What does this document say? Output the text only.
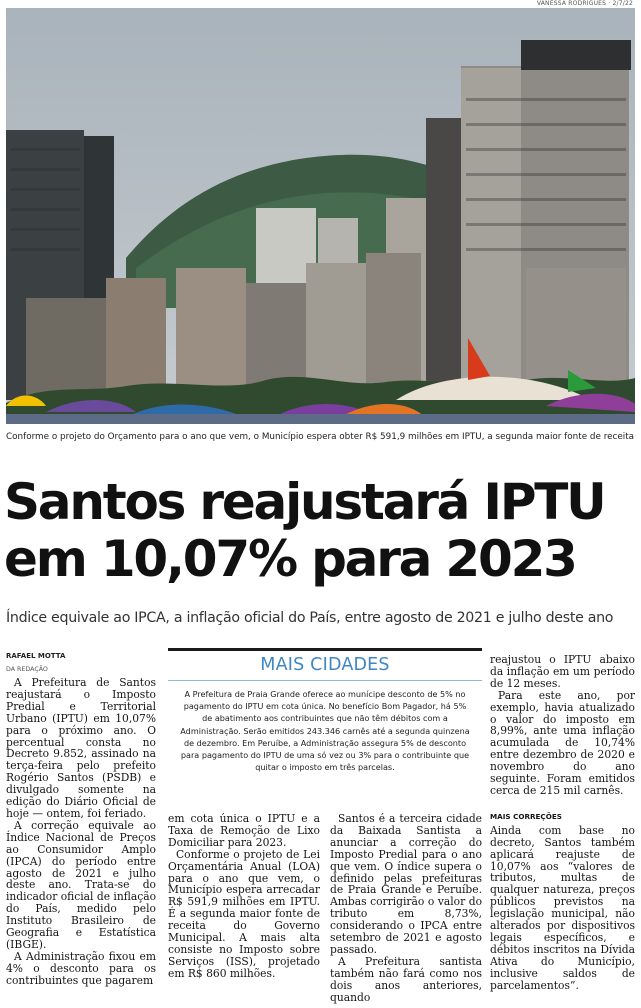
VANESSA RODRIGUES · 2/7/22
Conforme o projeto do Orçamento para o ano que vem, o Município espera obter R$ 591,9 milhões em IPTU, a segunda maior fonte de receita
Santos reajustará IPTU
em 10,07% para 2023
Índice equivale ao IPCA, a inflação oficial do País, entre agosto de 2021 e julho deste ano
RAFAEL MOTTA
DA REDAÇÃO

A Prefeitura de Santos reajustará o Imposto Predial e Territorial Urbano (IPTU) em 10,07% para o próximo ano. O percentual consta no Decreto 9.852, assinado na terça-feira pelo prefeito Rogério Santos (PSDB) e divulgado somente na edição do Diário Oficial de hoje — ontem, foi feriado.

A correção equivale ao Índice Nacional de Preços ao Consumidor Amplo (IPCA) do período entre agosto de 2021 e julho deste ano. Trata-se do indicador oficial de inflação do País, medido pelo Instituto Brasileiro de Geografia e Estatística (IBGE).

A Administração fixou em 4% o desconto para os contribuintes que pagarem

MAIS CIDADES
A Prefeitura de Praia Grande oferece ao munícipe desconto de 5% no pagamento do IPTU em cota única. No benefício Bom Pagador, há 5% de abatimento aos contribuintes que não têm débitos com a Administração. Serão emitidos 243.346 carnês até a segunda quinzena de dezembro. Em Peruíbe, a Administração assegura 5% de desconto para pagamento do IPTU de uma só vez ou 3% para o contribuinte que quitar o imposto em três parcelas.

em cota única o IPTU e a Taxa de Remoção de Lixo Domiciliar para 2023.

Conforme o projeto de Lei Orçamentária Anual (LOA) para o ano que vem, o Município espera arrecadar R$ 591,9 milhões em IPTU. É a segunda maior fonte de receita do Governo Municipal. A mais alta consiste no Imposto sobre Serviços (ISS), projetado em R$ 860 milhões.

Santos é a terceira cidade da Baixada Santista a anunciar a correção do Imposto Predial para o ano que vem. O índice supera o definido pelas prefeituras de Praia Grande e Peruíbe. Ambas corrigirão o valor do tributo em 8,73%, considerando o IPCA entre setembro de 2021 e agosto passado.

A Prefeitura santista também não fará como nos dois anos anteriores, quando

reajustou o IPTU abaixo da inflação em um período de 12 meses.

Para este ano, por exemplo, havia atualizado o valor do imposto em 8,99%, ante uma inflação acumulada de 10,74% entre dezembro de 2020 e novembro do ano seguinte. Foram emitidos cerca de 215 mil carnês.

MAIS CORREÇÕES

Ainda com base no decreto, Santos também aplicará reajuste de 10,07% aos “valores de tributos, multas de qualquer natureza, preços públicos previstos na legislação municipal, não alterados por dispositivos legais específicos, e débitos inscritos na Dívida Ativa do Município, inclusive saldos de parcelamentos”.
